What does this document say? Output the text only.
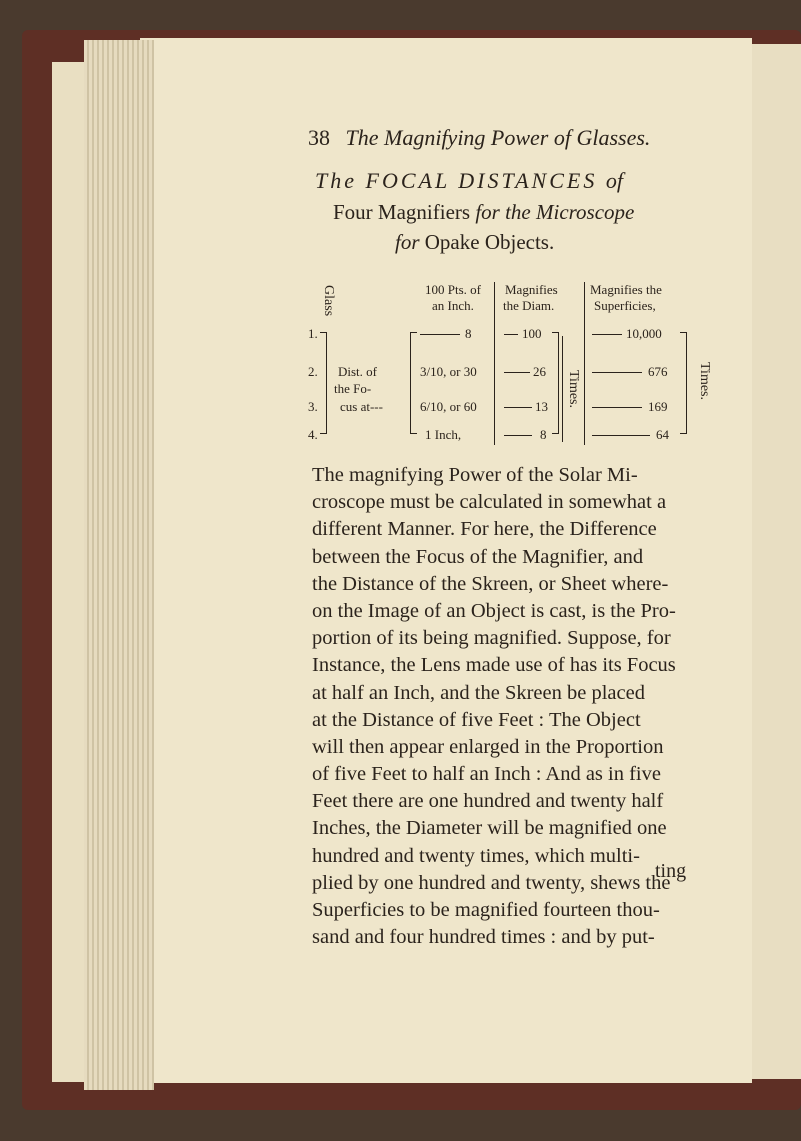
38 The Magnifying Power of Glasses.
The FOCAL DISTANCES of
Four Magnifiers for the Microscope
for Opake Objects.
Glass	100 Pts. of
an Inch.
Magnifies
the Diam.
Magnifies the
Superficies,
1.
2.
3.
4.
Dist. of
the Fo-
cus at---
8
3/10, or 30
6/10, or 60
1 Inch,
100
26
13
8
Times.
10,000
676
169
64
Times.
The magnifying Power of the Solar Mi-
croscope must be calculated in somewhat a
different Manner. For here, the Difference
between the Focus of the Magnifier, and
the Distance of the Skreen, or Sheet where-
on the Image of an Object is cast, is the Pro-
portion of its being magnified. Suppose, for
Instance, the Lens made use of has its Focus
at half an Inch, and the Skreen be placed
at the Distance of five Feet : The Object
will then appear enlarged in the Proportion
of five Feet to half an Inch : And as in five
Feet there are one hundred and twenty half
Inches, the Diameter will be magnified one
hundred and twenty times, which multi-
plied by one hundred and twenty, shews the
Superficies to be magnified fourteen thou-
sand and four hundred times : and by put-
ting
